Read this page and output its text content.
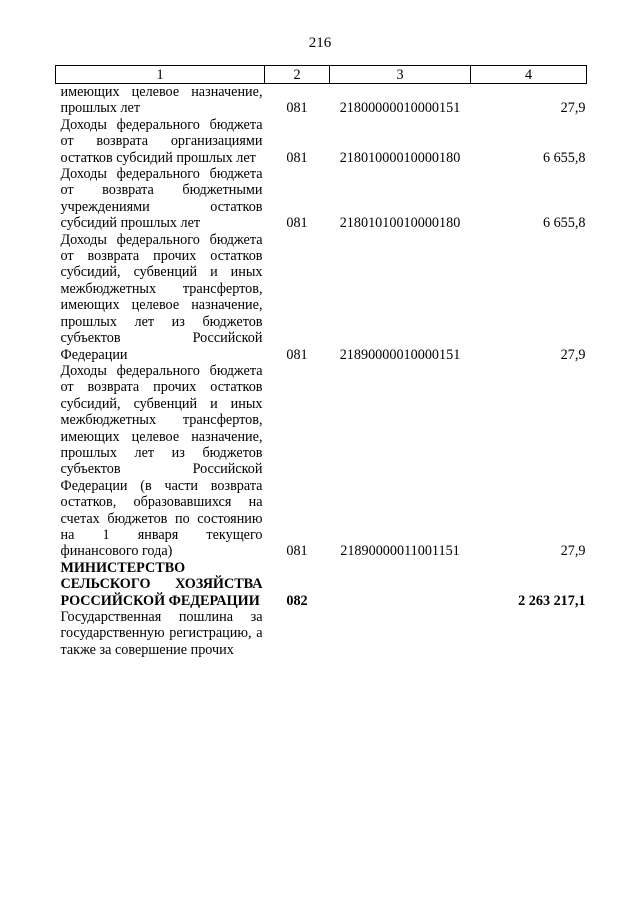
216
1	2	3	4
имеющих целевое назначение, прошлых лет	081	21800000010000151	27,9
Доходы федерального бюджета от возврата организациями остатков субсидий прошлых лет	081	21801000010000180	6 655,8
Доходы федерального бюджета от возврата бюджетными учреждениями остатков субсидий прошлых лет	081	21801010010000180	6 655,8
Доходы федерального бюджета от возврата прочих остатков субсидий, субвенций и иных межбюджетных трансфертов, имеющих целевое назначение, прошлых лет из бюджетов субъектов Российской Федерации	081	21890000010000151	27,9
Доходы федерального бюджета от возврата прочих остатков субсидий, субвенций и иных межбюджетных трансфертов, имеющих целевое назначение, прошлых лет из бюджетов субъектов Российской Федерации (в части возврата остатков, образовавшихся на счетах бюджетов по состоянию на 1 января текущего финансового года)	081	21890000011001151	27,9
МИНИСТЕРСТВО СЕЛЬСКОГО ХОЗЯЙСТВА РОССИЙСКОЙ ФЕДЕРАЦИИ	082		2 263 217,1
Государственная пошлина за государственную регистрацию, а также за совершение прочих			
